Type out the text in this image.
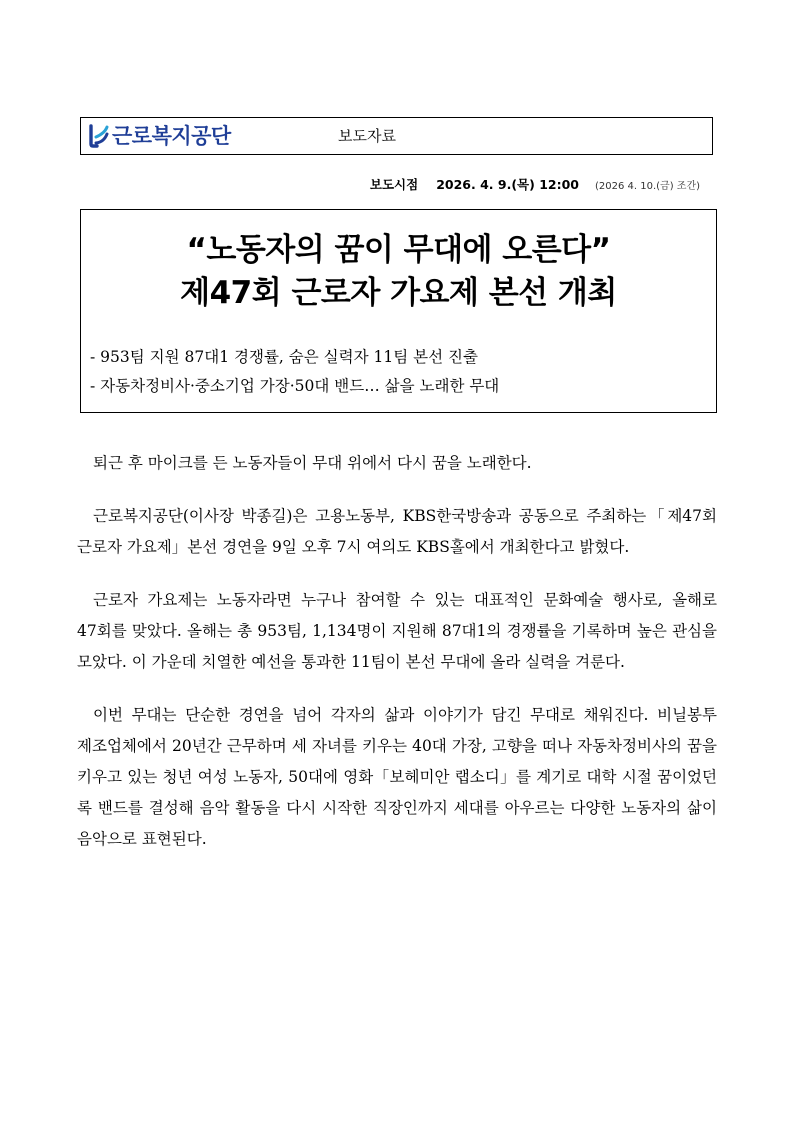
근로복지공단	보도자료
보도시점 2026. 4. 9.(목) 12:00 (2026 4. 10.(금) 조간)
“노동자의 꿈이 무대에 오른다”
제47회 근로자 가요제 본선 개최
- 953팀 지원 87대1 경쟁률, 숨은 실력자 11팀 본선 진출
- 자동차정비사·중소기업 가장·50대 밴드… 삶을 노래한 무대

퇴근 후 마이크를 든 노동자들이 무대 위에서 다시 꿈을 노래한다.

근로복지공단(이사장 박종길)은 고용노동부, KBS한국방송과 공동으로 주최하는「제47회 근로자 가요제」본선 경연을 9일 오후 7시 여의도 KBS홀에서 개최한다고 밝혔다.

근로자 가요제는 노동자라면 누구나 참여할 수 있는 대표적인 문화예술 행사로, 올해로 47회를 맞았다. 올해는 총 953팀, 1,134명이 지원해 87대1의 경쟁률을 기록하며 높은 관심을 모았다. 이 가운데 치열한 예선을 통과한 11팀이 본선 무대에 올라 실력을 겨룬다.

이번 무대는 단순한 경연을 넘어 각자의 삶과 이야기가 담긴 무대로 채워진다. 비닐봉투 제조업체에서 20년간 근무하며 세 자녀를 키우는 40대 가장, 고향을 떠나 자동차정비사의 꿈을 키우고 있는 청년 여성 노동자, 50대에 영화「보헤미안 랩소디」를 계기로 대학 시절 꿈이었던 록 밴드를 결성해 음악 활동을 다시 시작한 직장인까지 세대를 아우르는 다양한 노동자의 삶이 음악으로 표현된다.
